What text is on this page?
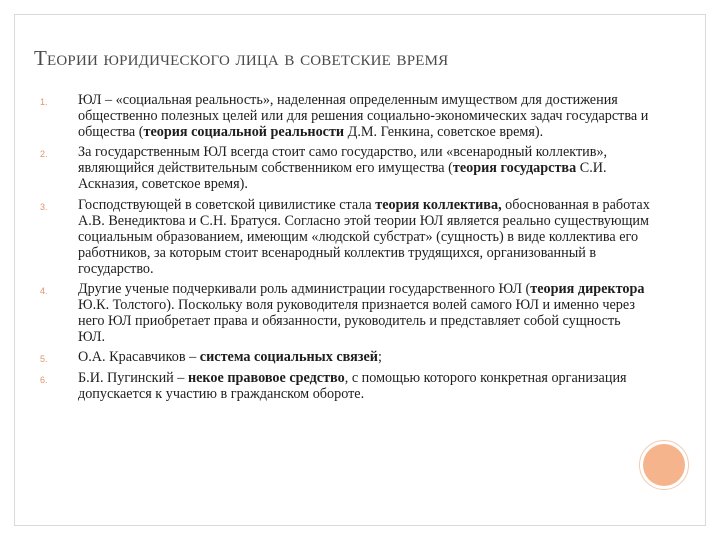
Теории юридического лица в советские время
1. ЮЛ – «социальная реальность», наделенная определенным имуществом для достижения общественно полезных целей или для решения социально-экономических задач государства и общества (теория социальной реальности Д.М. Генкина, советское время).
2. За государственным ЮЛ всегда стоит само государство, или «всенародный коллектив», являющийся действительным собственником его имущества (теория государства С.И. Аскназия, советское время).
3. Господствующей в советской цивилистике стала теория коллектива, обоснованная в работах А.В. Венедиктова и С.Н. Братуся. Согласно этой теории ЮЛ является реально существующим социальным образованием, имеющим «людской субстрат» (сущность) в виде коллектива его работников, за которым стоит всенародный коллектив трудящихся, организованный в государство.
4. Другие ученые подчеркивали роль администрации государственного ЮЛ (теория директора Ю.К. Толстого). Поскольку воля руководителя признается волей самого ЮЛ и именно через него ЮЛ приобретает права и обязанности, руководитель и представляет собой сущность ЮЛ.
5. О.А. Красавчиков – система социальных связей;
6. Б.И. Пугинский – некое правовое средство, с помощью которого конкретная организация допускается к участию в гражданском обороте.
